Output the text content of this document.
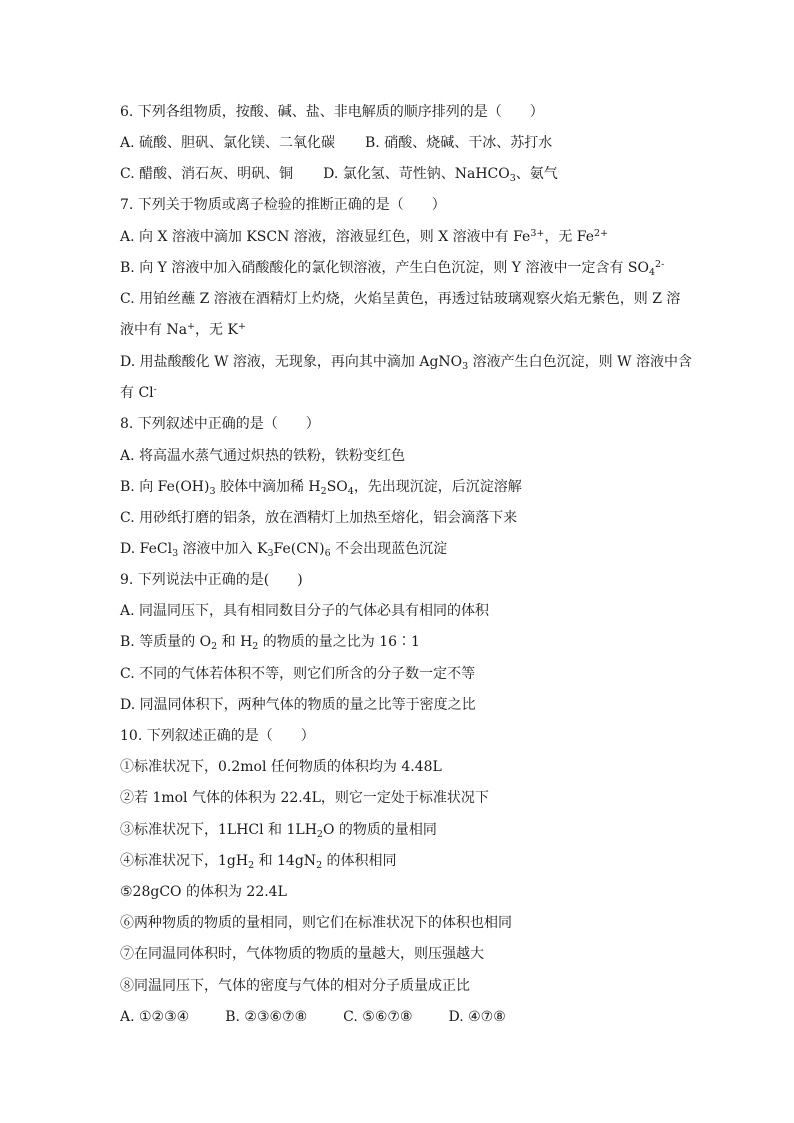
6. 下列各组物质，按酸、碱、盐、非电解质的顺序排列的是（　　）
A. 硫酸、胆矾、氯化镁、二氧化碳 B. 硝酸、烧碱、干冰、苏打水
C. 醋酸、消石灰、明矾、铜 D. 氯化氢、苛性钠、NaHCO$_3$、氨气
7. 下列关于物质或离子检验的推断正确的是（　　）
A. 向 X 溶液中滴加 KSCN 溶液，溶液显红色，则 X 溶液中有 $Fe^{3+}$，无 $Fe^{2+}$
B. 向 Y 溶液中加入硝酸酸化的氯化钡溶液，产生白色沉淀，则 Y 溶液中一定含有 $SO_4^{2-}$
C. 用铂丝蘸 Z 溶液在酒精灯上灼烧，火焰呈黄色，再透过钴玻璃观察火焰无紫色，则 Z 溶
液中有 Na+，无 K+
D. 用盐酸酸化 W 溶液，无现象，再向其中滴加 AgNO$_3$ 溶液产生白色沉淀，则 W 溶液中含
有 Cl-
8. 下列叙述中正确的是（　　）
A. 将高温水蒸气通过炽热的铁粉，铁粉变红色
B. 向 $Fe(OH)_3$ 胶体中滴加稀 $H_2SO_4$，先出现沉淀，后沉淀溶解
C. 用砂纸打磨的铝条，放在酒精灯上加热至熔化，铝会滴落下来
D. FeCl$_3$ 溶液中加入 $K_3Fe(CN)_6$ 不会出现蓝色沉淀
9. 下列说法中正确的是(　　)
A. 同温同压下，具有相同数目分子的气体必具有相同的体积
B. 等质量的 $O_2$ 和 $H_2$ 的物质的量之比为 16∶1
C. 不同的气体若体积不等，则它们所含的分子数一定不等
D. 同温同体积下，两种气体的物质的量之比等于密度之比
10. 下列叙述正确的是（　　）
①标准状况下，0.2mol 任何物质的体积均为 4.48L
②若 1mol 气体的体积为 22.4L，则它一定处于标准状况下
③标准状况下，1LHCl 和 $1LH_2O$ 的物质的量相同
④标准状况下，$1gH_2$ 和 $14gN_2$ 的体积相同
⑤28gCO 的体积为 22.4L
⑥两种物质的物质的量相同，则它们在标准状况下的体积也相同
⑦在同温同体积时，气体物质的物质的量越大，则压强越大
⑧同温同压下，气体的密度与气体的相对分子质量成正比
A. ①②③④	B. ②③⑥⑦⑧	C. ⑤⑥⑦⑧	D. ④⑦⑧
